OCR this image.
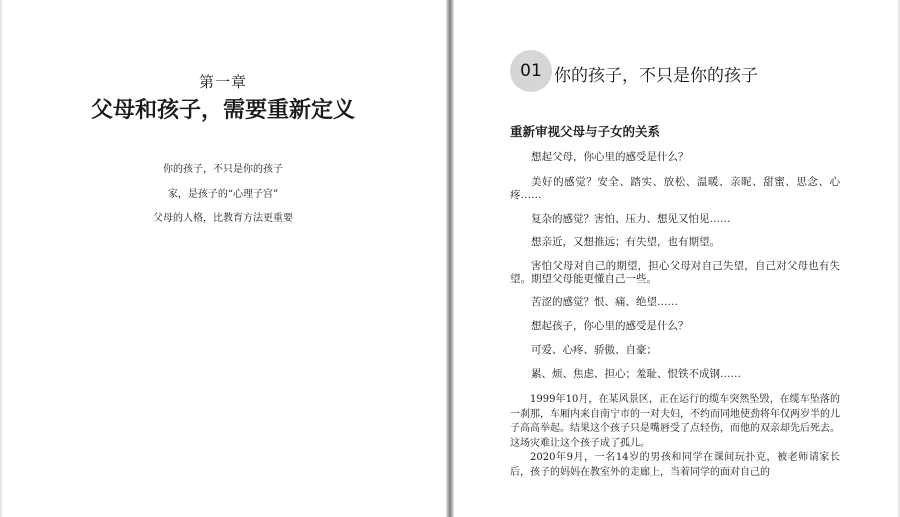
第一章
父母和孩子，需要重新定义
你的孩子，不只是你的孩子
家，是孩子的“心理子宫”
父母的人格，比教育方法更重要
01 你的孩子，不只是你的孩子
重新审视父母与子女的关系

想起父母，你心里的感受是什么？

美好的感觉？安全、踏实、放松、温暖、亲昵、甜蜜、思念、心疼……

复杂的感觉？害怕、压力、想见又怕见……

想亲近，又想推远；有失望，也有期望。

害怕父母对自己的期望，担心父母对自己失望，自己对父母也有失望。期望父母能更懂自己一些。

苦涩的感觉？恨、痛、绝望……

想起孩子，你心里的感受是什么？

可爱、心疼、骄傲、自豪；

累、烦、焦虑、担心；羞耻、恨铁不成钢……

1999年10月，在某风景区，正在运行的缆车突然坠毁，在缆车坠落的一刹那，车厢内来自南宁市的一对夫妇，不约而同地使劲将年仅两岁半的儿子高高举起。结果这个孩子只是嘴唇受了点轻伤，而他的双亲却先后死去。这场灾难让这个孩子成了孤儿。

2020年9月，一名14岁的男孩和同学在课间玩扑克，被老师请家长后，孩子的妈妈在教室外的走廊上，当着同学的面对自己的
